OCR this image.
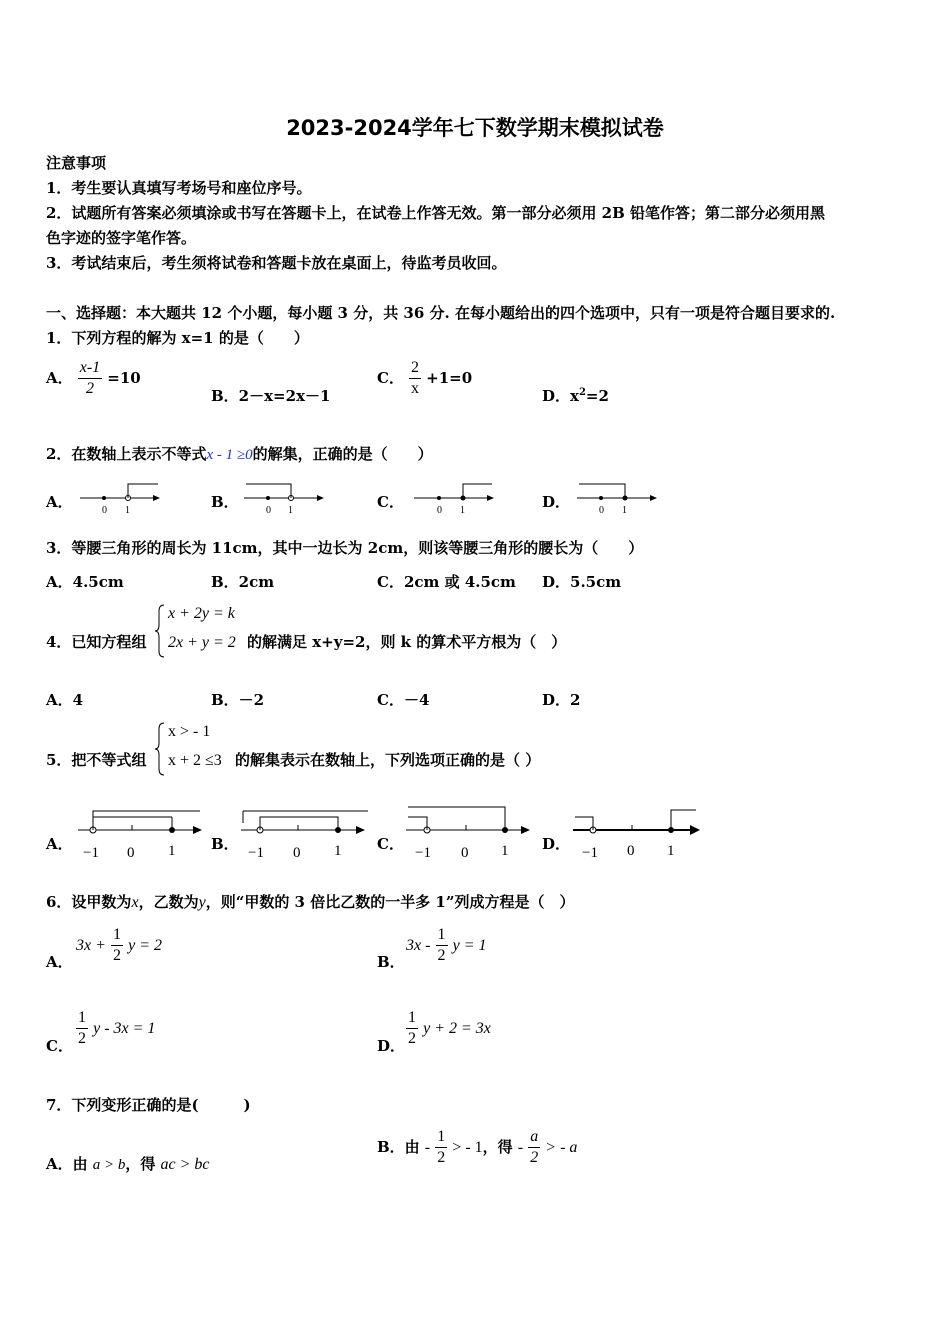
2023-2024学年七下数学期末模拟试卷
注意事项
1．考生要认真填写考场号和座位序号。
2．试题所有答案必须填涂或书写在答题卡上，在试卷上作答无效。第一部分必须用 2B 铅笔作答；第二部分必须用黑
色字迹的签字笔作答。
3．考试结束后，考生须将试卷和答题卡放在桌面上，待监考员收回。
一、选择题：本大题共 12 个小题，每小题 3 分，共 36 分. 在每小题给出的四个选项中，只有一项是符合题目要求的.
1．下列方程的解为 x=1 的是（　　）
A． $\frac{x-1}{2} =10$
B．2－x=2x－1
C． $\frac{2}{x} +1=0$
D．$x^2=2$
2．在数轴上表示不等式x - 1 ≥0的解集，正确的是（　　）
A．	0 1	B．	0 1	C．	0 1	D．	0 1
3．等腰三角形的周长为 11cm，其中一边长为 2cm，则该等腰三角形的腰长为（　　）
A．4.5cm	B．2cm	C．2cm 或 4.5cm D．5.5cm
4．已知方程组
x + 2y = k
2x + y = 2 的解满足 x+y=2，则 k 的算术平方根为（　）
A．4	B．－2	C．－4	D．2
5．把不等式组
x > - 1
x + 2 ≤3 的解集表示在数轴上，下列选项正确的是（ ）
A． −1 0 1 B． −1 0 1 C． −1 0 1 D． −1 0 1
6．设甲数为x，乙数为y，则“甲数的 3 倍比乙数的一半多 1”列成方程是（　）
A．
$3x + \frac{1}{2}$ y = 2
B．
$3x - \frac{1}{2}$ y = 1
C． $\frac{1}{2}$ y - 3x = 1
D． $\frac{1}{2}$ y + 2 = 3x
7．下列变形正确的是(　　　)
A．由 a > b，得 ac > bc
B．由 - $\frac{1}{2}$ > - 1，得 - $\frac{a}{2}$ > - a
